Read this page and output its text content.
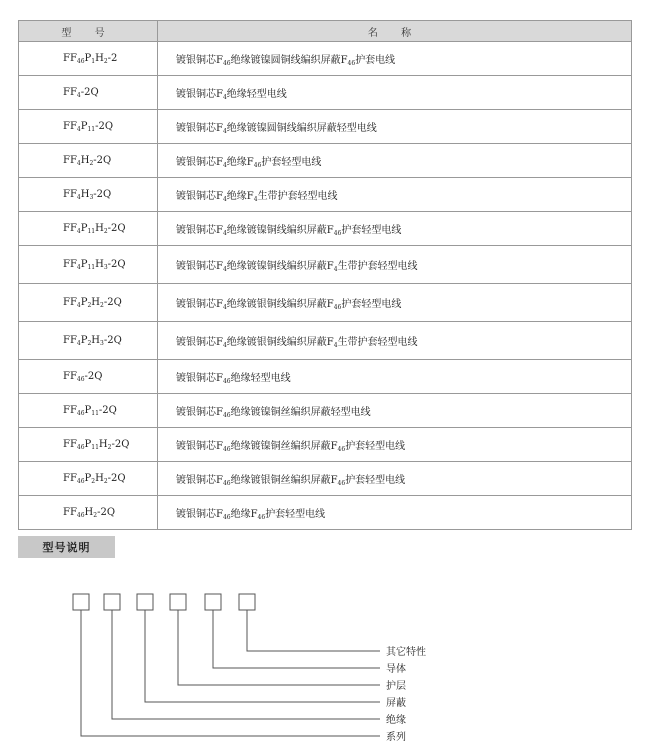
型 号	名 称
$FF_{46}P_1H_2-2$	镀银铜芯$F_{46}$绝缘镀镍圆铜线编织屏蔽$F_{46}$护套电线
$FF_4-2Q$	镀银铜芯$F_4$绝缘轻型电线
$FF_4P_{11}-2Q$	镀银铜芯$F_4$绝缘镀镍圆铜线编织屏蔽轻型电线
$FF_4H_2-2Q$	镀银铜芯$F_4$绝缘$F_{46}$护套轻型电线
$FF_4H_3-2Q$	镀银铜芯$F_4$绝缘$F_4$生带护套轻型电线
$FF_4P_{11}H_2-2Q$	镀银铜芯$F_4$绝缘镀镍铜线编织屏蔽$F_{46}$护套轻型电线
$FF_4P_{11}H_3-2Q$	镀银铜芯$F_4$绝缘镀镍铜线编织屏蔽$F_4$生带护套轻型电线
$FF_4P_2H_2-2Q$	镀银铜芯$F_4$绝缘镀银铜线编织屏蔽$F_{46}$护套轻型电线
$FF_4P_2H_3-2Q$	镀银铜芯$F_4$绝缘镀银铜线编织屏蔽$F_4$生带护套轻型电线
$FF_{46}-2Q$	镀银铜芯$F_{46}$绝缘轻型电线
$FF_{46}P_{11}-2Q$	镀银铜芯$F_{46}$绝缘镀镍铜丝编织屏蔽轻型电线
$FF_{46}P_{11}H_2-2Q$	镀银铜芯$F_{46}$绝缘镀镍铜丝编织屏蔽$F_{46}$护套轻型电线
$FF_{46}P_2H_2-2Q$	镀银铜芯$F_{46}$绝缘镀银铜丝编织屏蔽$F_{46}$护套轻型电线
$FF_{46}H_2-2Q$	镀银铜芯$F_{46}$绝缘$F_{46}$护套轻型电线
型号说明
其它特性
导体
护层
屏蔽
绝缘
系列
